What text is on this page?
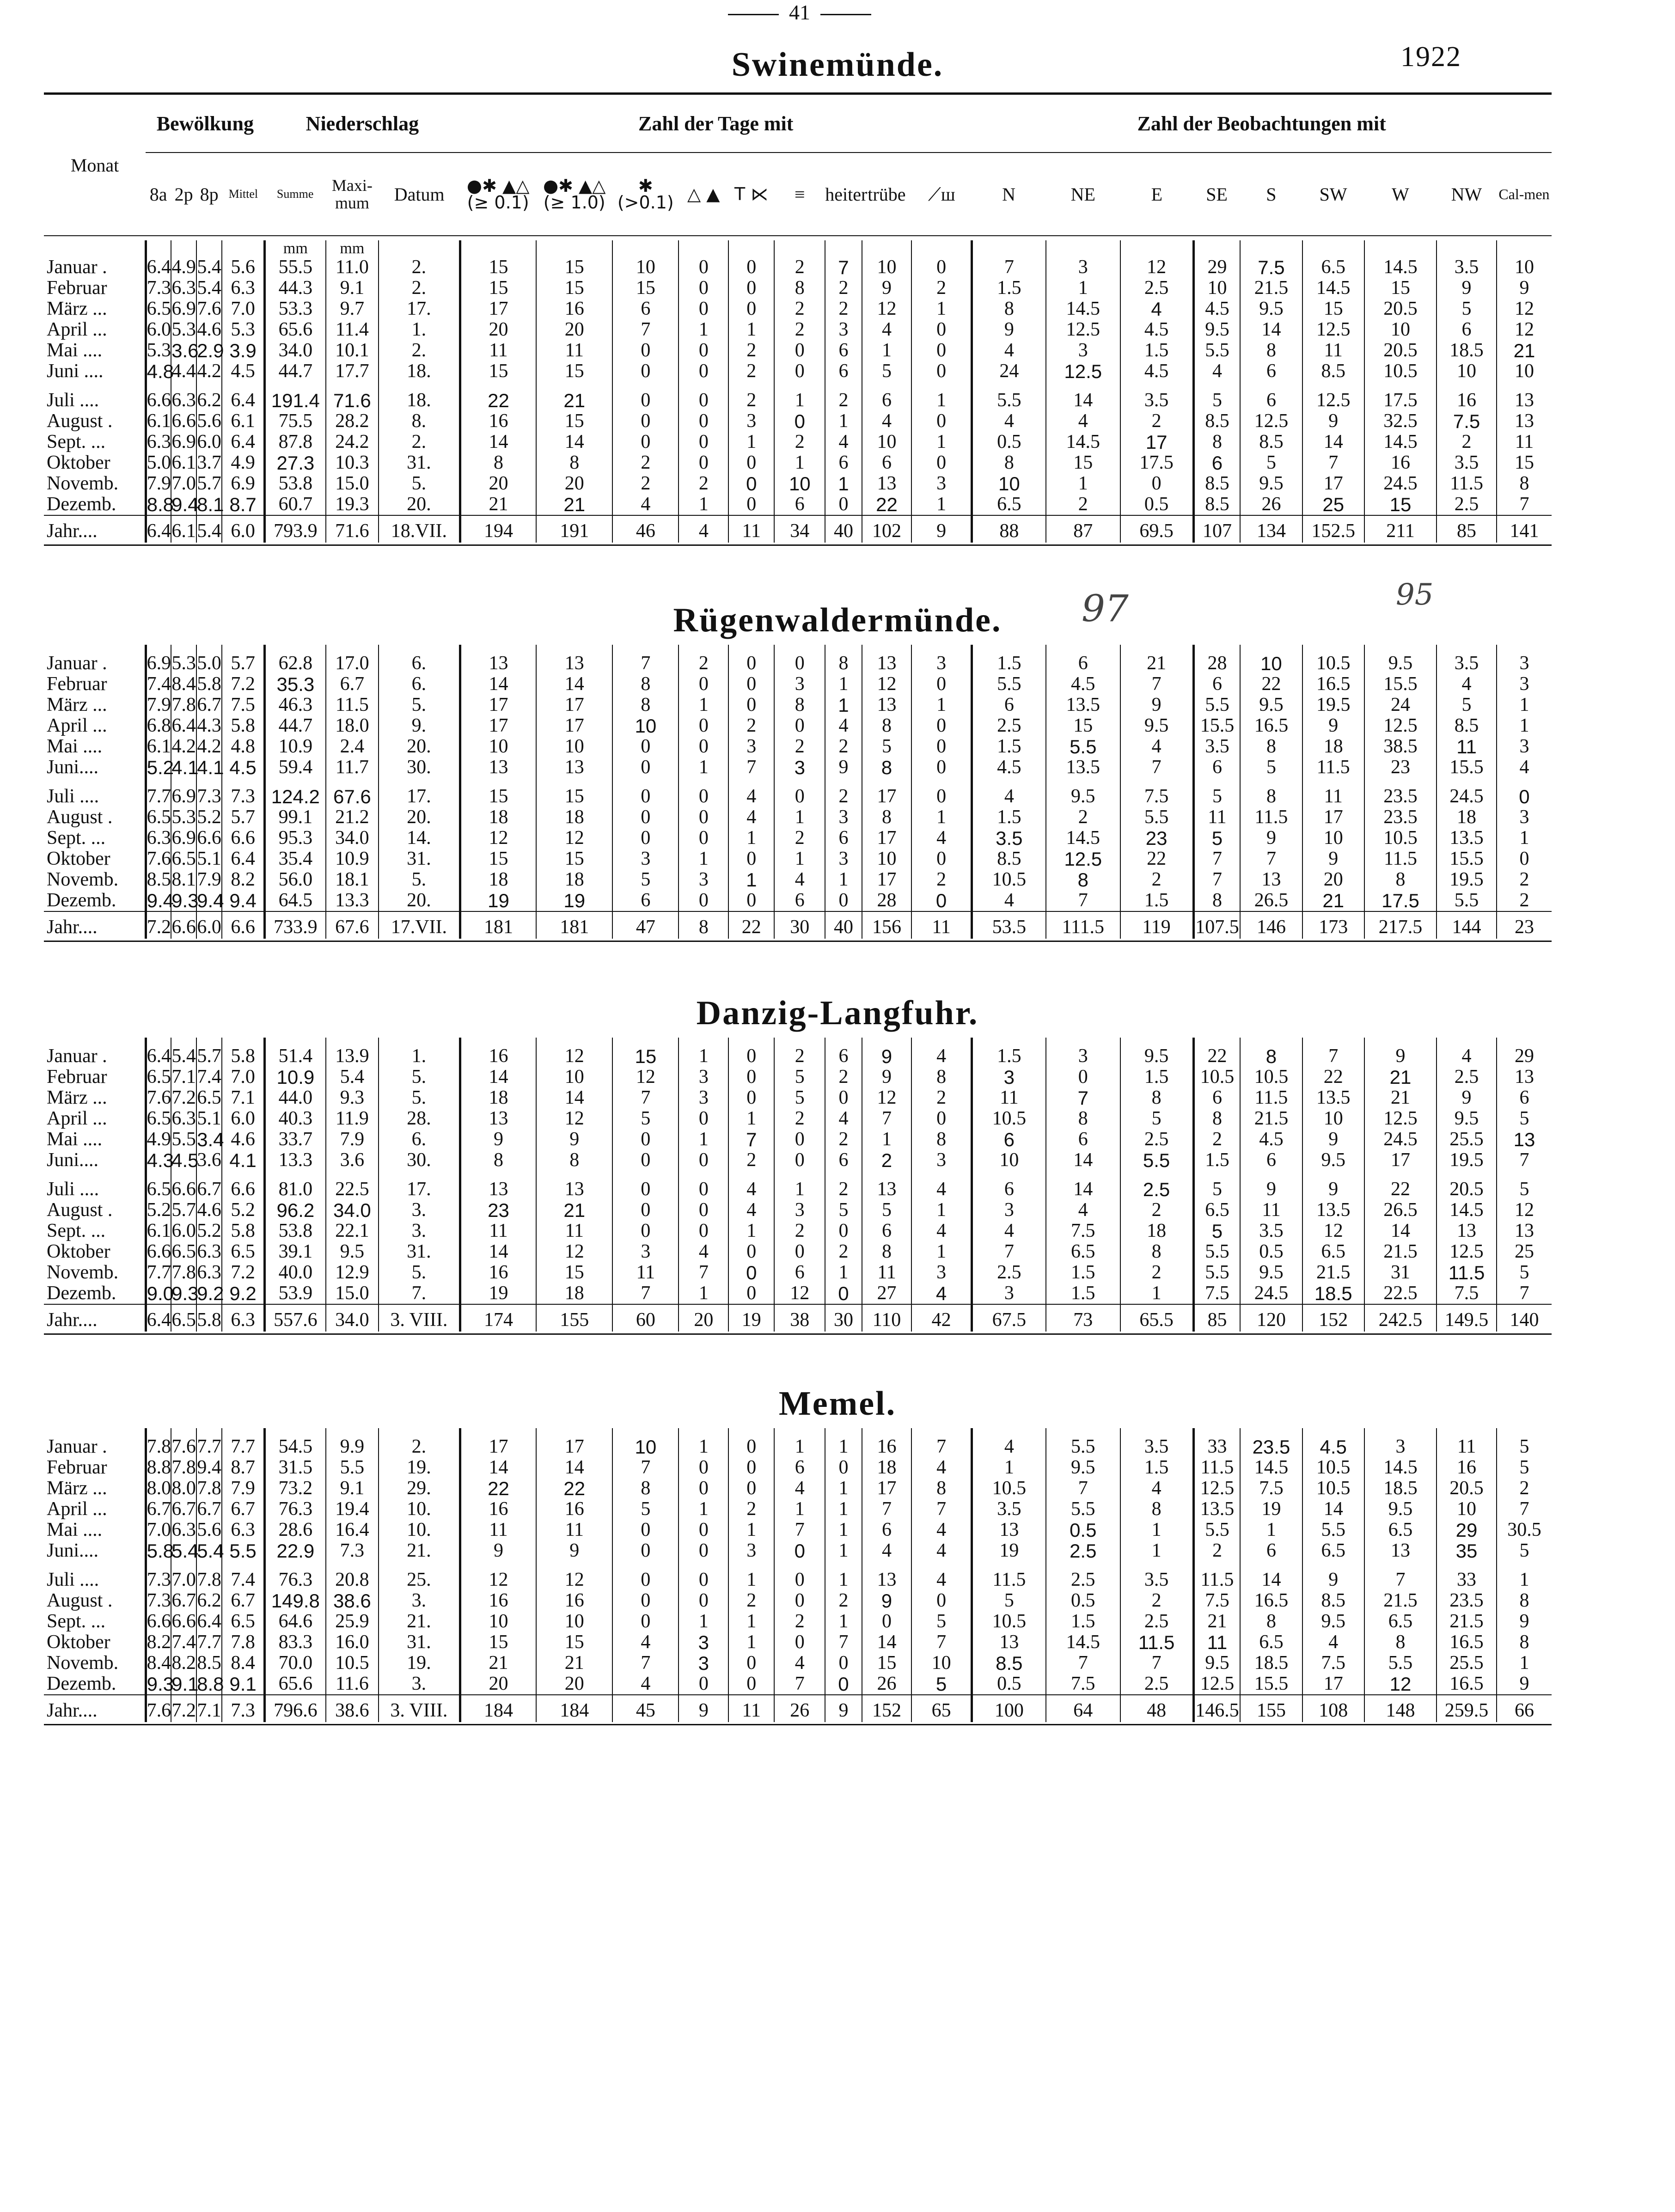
41
1922
Swinemünde.
Monat	Bewölkung				Niederschlag			Zahl der Tage mit									Zahl der Beobachtungen mit								

	8a	2p	8p	Mittel	Summe	Maxi-mum	Datum	●✱ ▲△ (≥ 0.1)	●✱ ▲△ (≥ 1.0)	✱ (>0.1)	△ ▲	T ⋉	≡	heiter	trübe	⟋ш	N	NE	E	SE	S	SW	W	NW	Cal-men
					mm	mm																			
Januar .	6.4	4.9	5.4	5.6	55.5	11.0	2.	15	15	10	0	0	2	7	10	0	7	3	12	29	7.5	6.5	14.5	3.5	10
Februar	7.3	6.3	5.4	6.3	44.3	9.1	2.	15	15	15	0	0	8	2	9	2	1.5	1	2.5	10	21.5	14.5	15	9	9
März ...	6.5	6.9	7.6	7.0	53.3	9.7	17.	17	16	6	0	0	2	2	12	1	8	14.5	4	4.5	9.5	15	20.5	5	12
April ...	6.0	5.3	4.6	5.3	65.6	11.4	1.	20	20	7	1	1	2	3	4	0	9	12.5	4.5	9.5	14	12.5	10	6	12
Mai ....	5.3	3.6	2.9	3.9	34.0	10.1	2.	11	11	0	0	2	0	6	1	0	4	3	1.5	5.5	8	11	20.5	18.5	21
Juni ....	4.8	4.4	4.2	4.5	44.7	17.7	18.	15	15	0	0	2	0	6	5	0	24	12.5	4.5	4	6	8.5	10.5	10	10

Juli ....	6.6	6.3	6.2	6.4	191.4	71.6	18.	22	21	0	0	2	1	2	6	1	5.5	14	3.5	5	6	12.5	17.5	16	13
August .	6.1	6.6	5.6	6.1	75.5	28.2	8.	16	15	0	0	3	0	1	4	0	4	4	2	8.5	12.5	9	32.5	7.5	13
Sept. ...	6.3	6.9	6.0	6.4	87.8	24.2	2.	14	14	0	0	1	2	4	10	1	0.5	14.5	17	8	8.5	14	14.5	2	11
Oktober	5.0	6.1	3.7	4.9	27.3	10.3	31.	8	8	2	0	0	1	6	6	0	8	15	17.5	6	5	7	16	3.5	15
Novemb.	7.9	7.0	5.7	6.9	53.8	15.0	5.	20	20	2	2	0	10	1	13	3	10	1	0	8.5	9.5	17	24.5	11.5	8
Dezemb.	8.8	9.4	8.1	8.7	60.7	19.3	20.	21	21	4	1	0	6	0	22	1	6.5	2	0.5	8.5	26	25	15	2.5	7
Jahr....	6.4	6.1	5.4	6.0	793.9	71.6	18.VII.	194	191	46	4	11	34	40	102	9	88	87	69.5	107	134	152.5	211	85	141

Januar .	6.9	5.3	5.0	5.7	62.8	17.0	6.	13	13	7	2	0	0	8	13	3	1.5	6	21	28	10	10.5	9.5	3.5	3
Februar	7.4	8.4	5.8	7.2	35.3	6.7	6.	14	14	8	0	0	3	1	12	0	5.5	4.5	7	6	22	16.5	15.5	4	3
März ...	7.9	7.8	6.7	7.5	46.3	11.5	5.	17	17	8	1	0	8	1	13	1	6	13.5	9	5.5	9.5	19.5	24	5	1
April ...	6.8	6.4	4.3	5.8	44.7	18.0	9.	17	17	10	0	2	0	4	8	0	2.5	15	9.5	15.5	16.5	9	12.5	8.5	1
Mai ....	6.1	4.2	4.2	4.8	10.9	2.4	20.	10	10	0	0	3	2	2	5	0	1.5	5.5	4	3.5	8	18	38.5	11	3
Juni....	5.2	4.1	4.1	4.5	59.4	11.7	30.	13	13	0	1	7	3	9	8	0	4.5	13.5	7	6	5	11.5	23	15.5	4

Juli ....	7.7	6.9	7.3	7.3	124.2	67.6	17.	15	15	0	0	4	0	2	17	0	4	9.5	7.5	5	8	11	23.5	24.5	0
August .	6.5	5.3	5.2	5.7	99.1	21.2	20.	18	18	0	0	4	1	3	8	1	1.5	2	5.5	11	11.5	17	23.5	18	3
Sept. ...	6.3	6.9	6.6	6.6	95.3	34.0	14.	12	12	0	0	1	2	6	17	4	3.5	14.5	23	5	9	10	10.5	13.5	1
Oktober	7.6	6.5	5.1	6.4	35.4	10.9	31.	15	15	3	1	0	1	3	10	0	8.5	12.5	22	7	7	9	11.5	15.5	0
Novemb.	8.5	8.1	7.9	8.2	56.0	18.1	5.	18	18	5	3	1	4	1	17	2	10.5	8	2	7	13	20	8	19.5	2
Dezemb.	9.4	9.3	9.4	9.4	64.5	13.3	20.	19	19	6	0	0	6	0	28	0	4	7	1.5	8	26.5	21	17.5	5.5	2
Jahr....	7.2	6.6	6.0	6.6	733.9	67.6	17.VII.	181	181	47	8	22	30	40	156	11	53.5	111.5	119	107.5	146	173	217.5	144	23

Januar .	6.4	5.4	5.7	5.8	51.4	13.9	1.	16	12	15	1	0	2	6	9	4	1.5	3	9.5	22	8	7	9	4	29
Februar	6.5	7.1	7.4	7.0	10.9	5.4	5.	14	10	12	3	0	5	2	9	8	3	0	1.5	10.5	10.5	22	21	2.5	13
März ...	7.6	7.2	6.5	7.1	44.0	9.3	5.	18	14	7	3	0	5	0	12	2	11	7	8	6	11.5	13.5	21	9	6
April ...	6.5	6.3	5.1	6.0	40.3	11.9	28.	13	12	5	0	1	2	4	7	0	10.5	8	5	8	21.5	10	12.5	9.5	5
Mai ....	4.9	5.5	3.4	4.6	33.7	7.9	6.	9	9	0	1	7	0	2	1	8	6	6	2.5	2	4.5	9	24.5	25.5	13
Juni....	4.3	4.5	3.6	4.1	13.3	3.6	30.	8	8	0	0	2	0	6	2	3	10	14	5.5	1.5	6	9.5	17	19.5	7

Juli ....	6.5	6.6	6.7	6.6	81.0	22.5	17.	13	13	0	0	4	1	2	13	4	6	14	2.5	5	9	9	22	20.5	5
August .	5.2	5.7	4.6	5.2	96.2	34.0	3.	23	21	0	0	4	3	5	5	1	3	4	2	6.5	11	13.5	26.5	14.5	12
Sept. ...	6.1	6.0	5.2	5.8	53.8	22.1	3.	11	11	0	0	1	2	0	6	4	4	7.5	18	5	3.5	12	14	13	13
Oktober	6.6	6.5	6.3	6.5	39.1	9.5	31.	14	12	3	4	0	0	2	8	1	7	6.5	8	5.5	0.5	6.5	21.5	12.5	25
Novemb.	7.7	7.8	6.3	7.2	40.0	12.9	5.	16	15	11	7	0	6	1	11	3	2.5	1.5	2	5.5	9.5	21.5	31	11.5	5
Dezemb.	9.0	9.3	9.2	9.2	53.9	15.0	7.	19	18	7	1	0	12	0	27	4	3	1.5	1	7.5	24.5	18.5	22.5	7.5	7
Jahr....	6.4	6.5	5.8	6.3	557.6	34.0	3. VIII.	174	155	60	20	19	38	30	110	42	67.5	73	65.5	85	120	152	242.5	149.5	140

Januar .	7.8	7.6	7.7	7.7	54.5	9.9	2.	17	17	10	1	0	1	1	16	7	4	5.5	3.5	33	23.5	4.5	3	11	5
Februar	8.8	7.8	9.4	8.7	31.5	5.5	19.	14	14	7	0	0	6	0	18	4	1	9.5	1.5	11.5	14.5	10.5	14.5	16	5
März ...	8.0	8.0	7.8	7.9	73.2	9.1	29.	22	22	8	0	0	4	1	17	8	10.5	7	4	12.5	7.5	10.5	18.5	20.5	2
April ...	6.7	6.7	6.7	6.7	76.3	19.4	10.	16	16	5	1	2	1	1	7	7	3.5	5.5	8	13.5	19	14	9.5	10	7
Mai ....	7.0	6.3	5.6	6.3	28.6	16.4	10.	11	11	0	0	1	7	1	6	4	13	0.5	1	5.5	1	5.5	6.5	29	30.5
Juni....	5.8	5.4	5.4	5.5	22.9	7.3	21.	9	9	0	0	3	0	1	4	4	19	2.5	1	2	6	6.5	13	35	5

Juli ....	7.3	7.0	7.8	7.4	76.3	20.8	25.	12	12	0	0	1	0	1	13	4	11.5	2.5	3.5	11.5	14	9	7	33	1
August .	7.3	6.7	6.2	6.7	149.8	38.6	3.	16	16	0	0	2	0	2	9	0	5	0.5	2	7.5	16.5	8.5	21.5	23.5	8
Sept. ...	6.6	6.6	6.4	6.5	64.6	25.9	21.	10	10	0	1	1	2	1	0	5	10.5	1.5	2.5	21	8	9.5	6.5	21.5	9
Oktober	8.2	7.4	7.7	7.8	83.3	16.0	31.	15	15	4	3	1	0	7	14	7	13	14.5	11.5	11	6.5	4	8	16.5	8
Novemb.	8.4	8.2	8.5	8.4	70.0	10.5	19.	21	21	7	3	0	4	0	15	10	8.5	7	7	9.5	18.5	7.5	5.5	25.5	1
Dezemb.	9.3	9.1	8.8	9.1	65.6	11.6	3.	20	20	4	0	0	7	0	26	5	0.5	7.5	2.5	12.5	15.5	17	12	16.5	9
Jahr....	7.6	7.2	7.1	7.3	796.6	38.6	3. VIII.	184	184	45	9	11	26	9	152	65	100	64	48	146.5	155	108	148	259.5	66
Rügenwaldermünde.	97	95
Danzig-Langfuhr.
Memel.
